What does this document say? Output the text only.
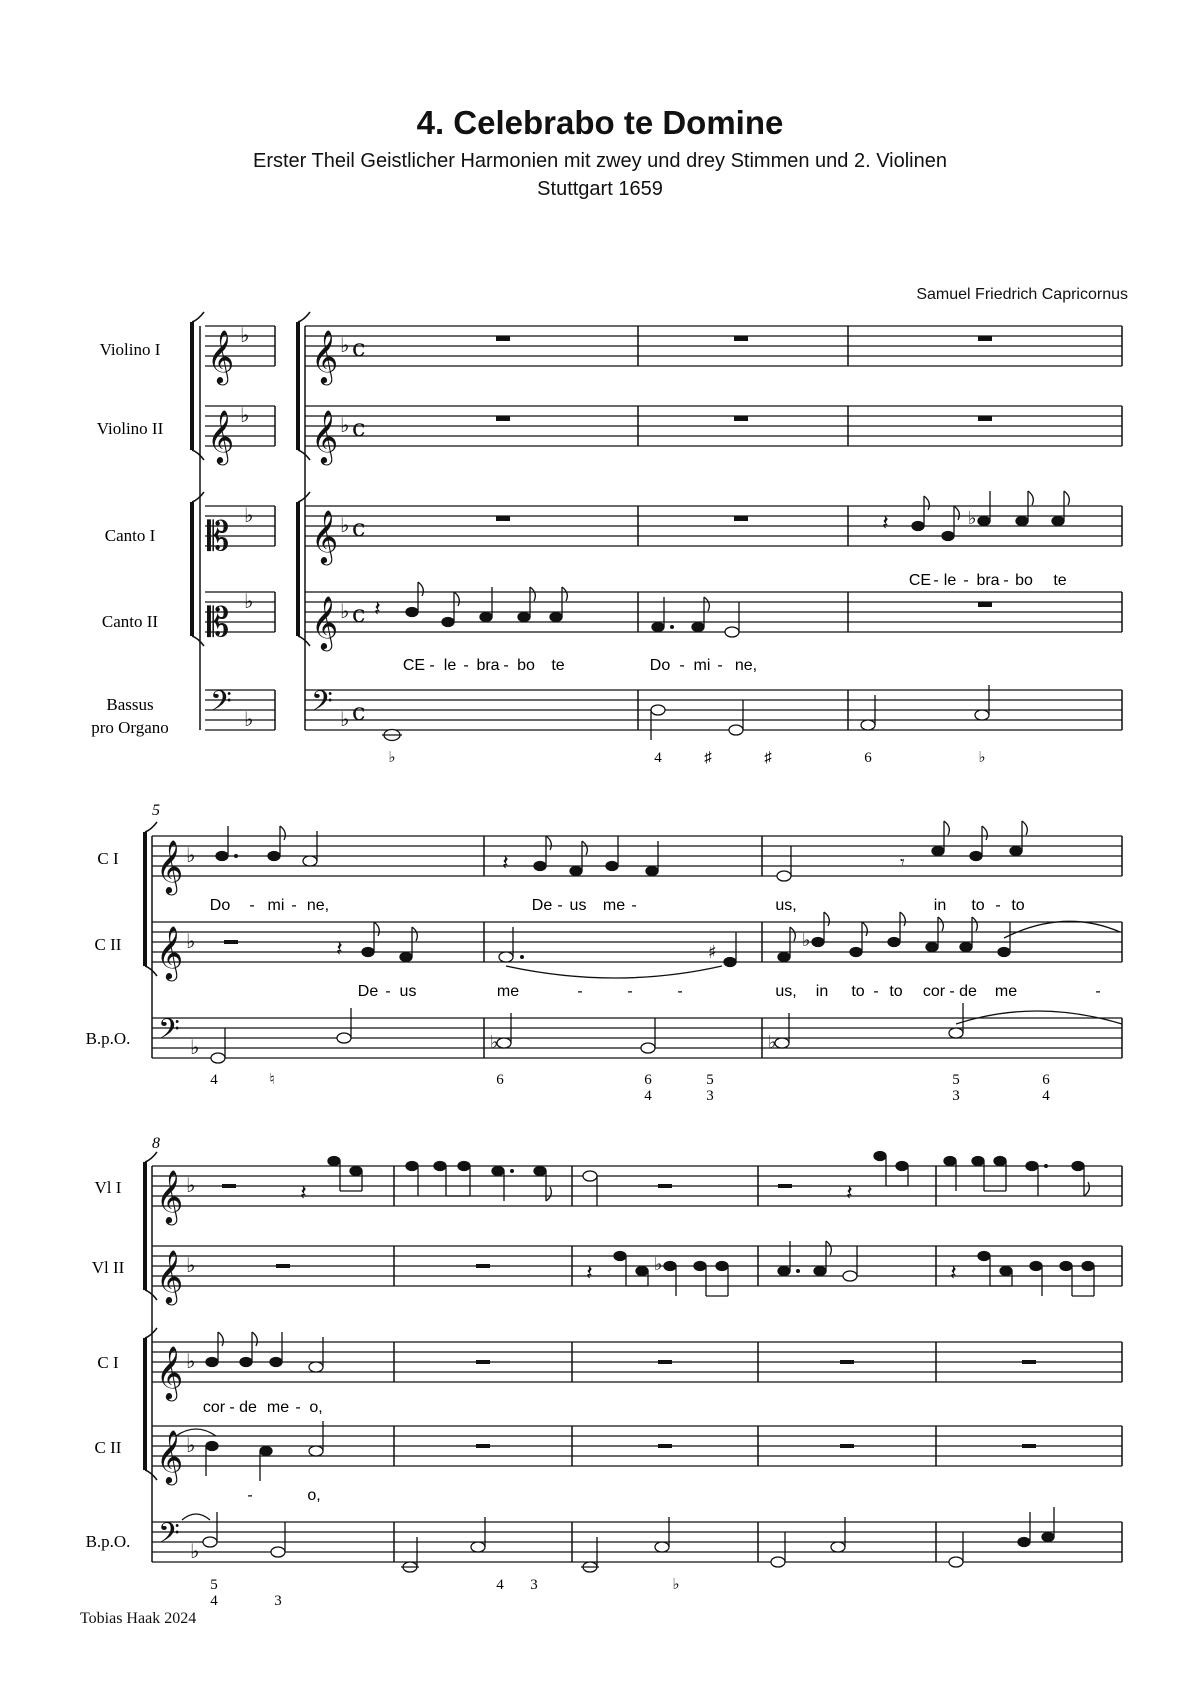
4. Celebrabo te Domine
Erster Theil Geistlicher Harmonien mit zwey und drey Stimmen und 2. Violinen
Stuttgart 1659
Samuel Friedrich Capricornus
Tobias Haak 2024
Violino I
Violino II
Canto I
Canto II
Bassus
pro Organo
𝄞 𝄞
𝄞 𝄞
𝄡 𝄞
𝄡 𝄞
𝄢 𝄢
♭	♭
♭	♭
♭	♭
♭	♭
♭	♭
c
c
c
c
c
𝄽	♭
CE - le - bra - bo te
𝄽
CE - le - bra - bo te	Do - mi - ne,
♭	4	♯	♯	6	♭
5
C I
C II
B.p.O.
𝄞
𝄞
𝄢
♭
♭
♭
𝄽	𝄾
Do - mi - ne,	De - us me -	us,	in to - to
𝄽	♯
♭
De - us	me	-	-	-	us, in to - to cor - de me	-
♭	♭
4	♮	6	6
4
5
3
5
3
6
4
8
Vl I
Vl II
C I
C II
B.p.O.
𝄞
𝄞
𝄞
𝄞
𝄢
♭
♭
♭
♭
♭
𝄽	𝄽
𝄽	♭	𝄽
cor - de me - o,
-	o,
5
4	3
4 3	♭
